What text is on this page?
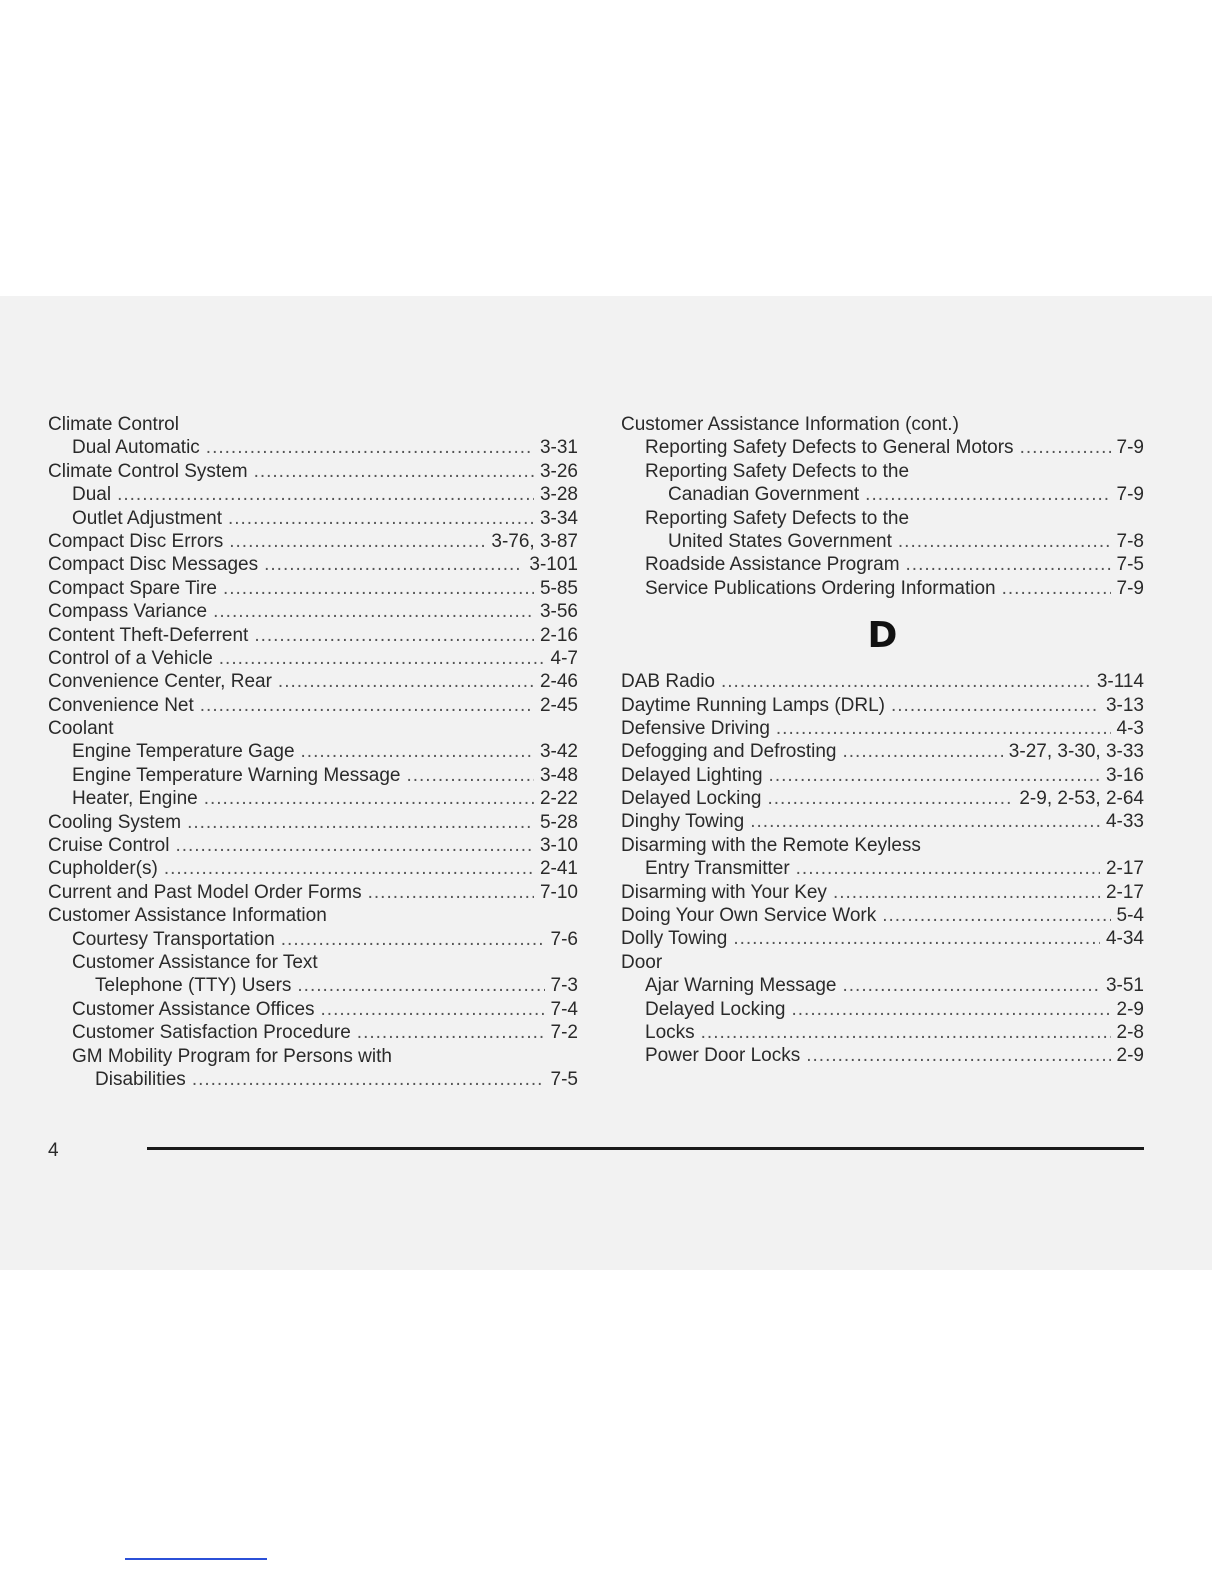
Climate Control
Dual Automatic .....	3-31
Climate Control System .....	3-26
Dual .....	3-28
Outlet Adjustment .....	3-34
Compact Disc Errors .....	3-76, 3-87
Compact Disc Messages .....	3-101
Compact Spare Tire .....	5-85
Compass Variance .....	3-56
Content Theft-Deferrent .....	2-16
Control of a Vehicle .....	4-7
Convenience Center, Rear .....	2-46
Convenience Net .....	2-45
Coolant
Engine Temperature Gage .....	3-42
Engine Temperature Warning Message .....	3-48
Heater, Engine .....	2-22
Cooling System .....	5-28
Cruise Control .....	3-10
Cupholder(s) .....	2-41
Current and Past Model Order Forms .....	7-10
Customer Assistance Information
Courtesy Transportation .....	7-6
Customer Assistance for Text
Telephone (TTY) Users .....	7-3
Customer Assistance Offices .....	7-4
Customer Satisfaction Procedure .....	7-2
GM Mobility Program for Persons with
Disabilities .....	7-5
Customer Assistance Information (cont.)
Reporting Safety Defects to General Motors .....	7-9
Reporting Safety Defects to the
Canadian Government .....	7-9
Reporting Safety Defects to the
United States Government .....	7-8
Roadside Assistance Program .....	7-5
Service Publications Ordering Information .....	7-9
D
DAB Radio .....	3-114
Daytime Running Lamps (DRL) .....	3-13
Defensive Driving .....	4-3
Defogging and Defrosting .....	3-27, 3-30, 3-33
Delayed Lighting .....	3-16
Delayed Locking .....	2-9, 2-53, 2-64
Dinghy Towing .....	4-33
Disarming with the Remote Keyless
Entry Transmitter .....	2-17
Disarming with Your Key .....	2-17
Doing Your Own Service Work .....	5-4
Dolly Towing .....	4-34
Door
Ajar Warning Message .....	3-51
Delayed Locking .....	2-9
Locks .....	2-8
Power Door Locks .....	2-9
4
